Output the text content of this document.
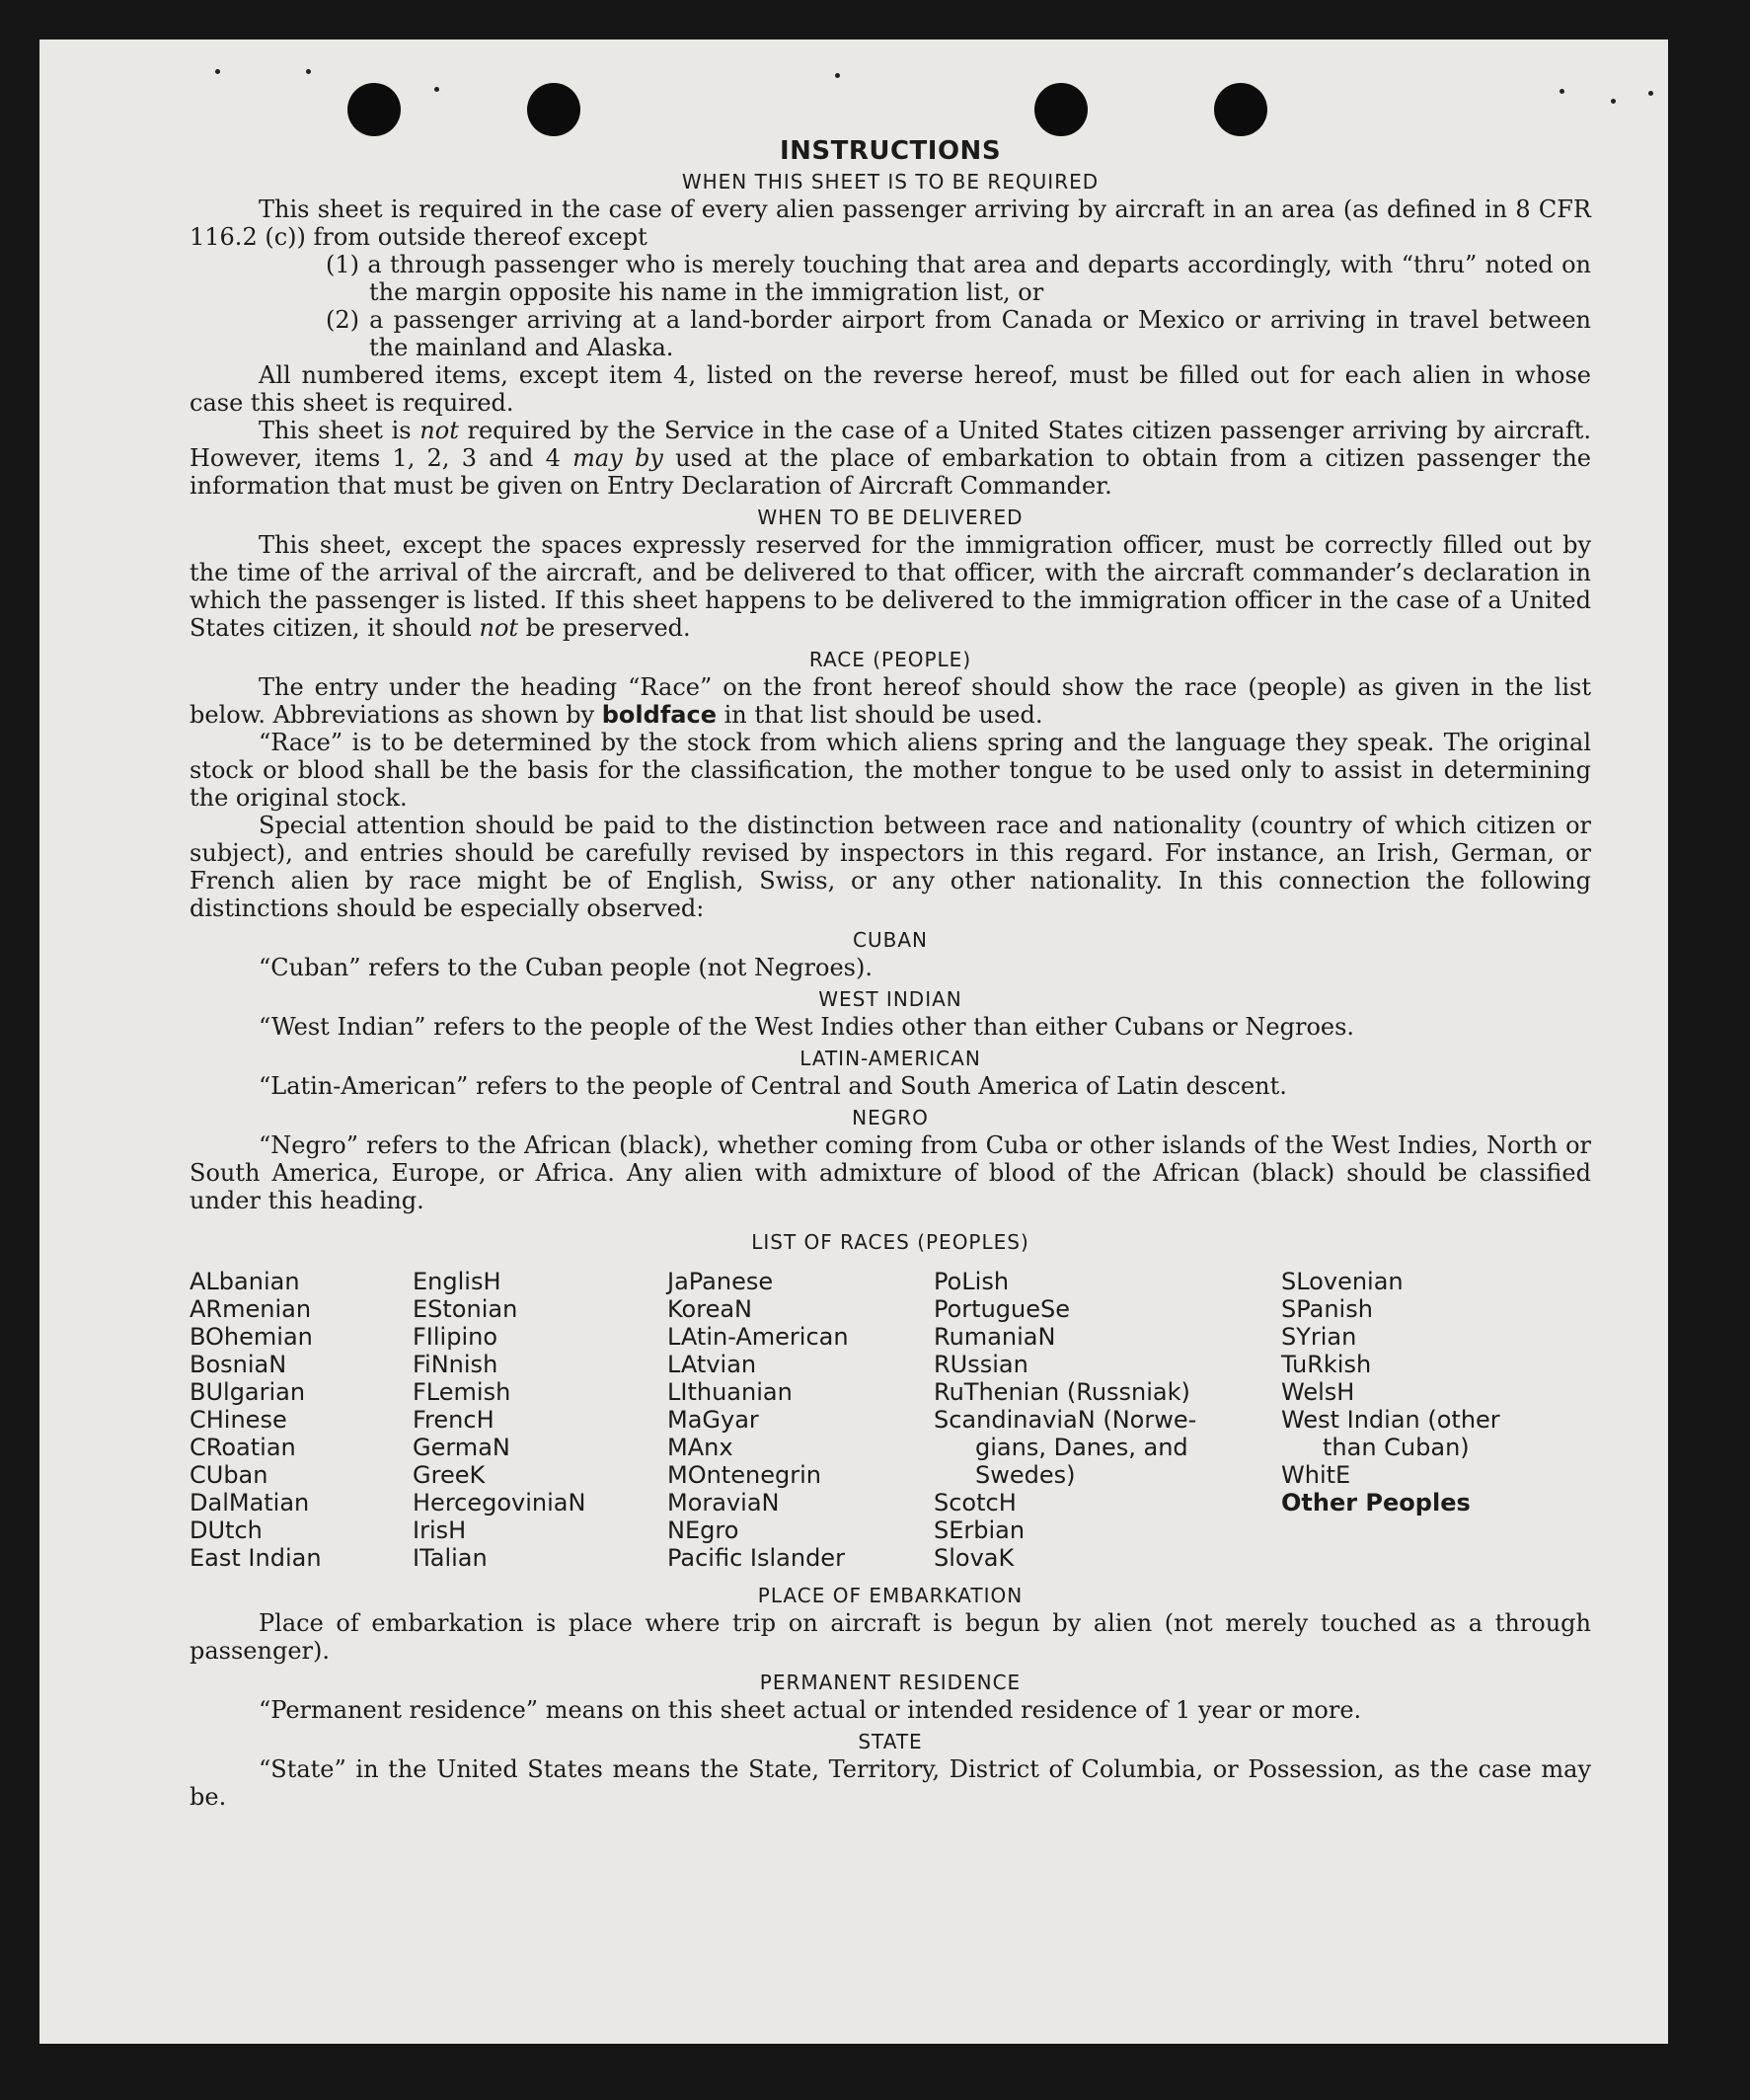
INSTRUCTIONS
WHEN THIS SHEET IS TO BE REQUIRED

This sheet is required in the case of every alien passenger arriving by aircraft in an area (as defined in 8 CFR 116.2 (c)) from outside thereof except

(1) a through passenger who is merely touching that area and departs accordingly, with “thru” noted on the margin opposite his name in the immigration list, or
(2) a passenger arriving at a land-border airport from Canada or Mexico or arriving in travel between the mainland and Alaska.

All numbered items, except item 4, listed on the reverse hereof, must be filled out for each alien in whose case this sheet is required.

This sheet is not required by the Service in the case of a United States citizen passenger arriving by aircraft. However, items 1, 2, 3 and 4 may by used at the place of embarkation to obtain from a citizen passenger the information that must be given on Entry Declaration of Aircraft Commander.

WHEN TO BE DELIVERED

This sheet, except the spaces expressly reserved for the immigration officer, must be correctly filled out by the time of the arrival of the aircraft, and be delivered to that officer, with the aircraft commander’s declaration in which the passenger is listed. If this sheet happens to be delivered to the immigration officer in the case of a United States citizen, it should not be preserved.

RACE (PEOPLE)

The entry under the heading “Race” on the front hereof should show the race (people) as given in the list below. Abbreviations as shown by boldface in that list should be used.

“Race” is to be determined by the stock from which aliens spring and the language they speak. The original stock or blood shall be the basis for the classification, the mother tongue to be used only to assist in determining the original stock.

Special attention should be paid to the distinction between race and nationality (country of which citizen or subject), and entries should be carefully revised by inspectors in this regard. For instance, an Irish, German, or French alien by race might be of English, Swiss, or any other nationality. In this connection the following distinctions should be especially observed:

CUBAN

“Cuban” refers to the Cuban people (not Negroes).

WEST INDIAN

“West Indian” refers to the people of the West Indies other than either Cubans or Negroes.

LATIN-AMERICAN

“Latin-American” refers to the people of Central and South America of Latin descent.

NEGRO

“Negro” refers to the African (black), whether coming from Cuba or other islands of the West Indies, North or South America, Europe, or Africa. Any alien with admixture of blood of the African (black) should be classified under this heading.

LIST OF RACES (PEOPLES)
ALbanian
ARmenian
BOhemian
BosniaN
BUlgarian
CHinese
CRoatian
CUban
DalMatian
DUtch
East Indian
EnglisH
EStonian
FIlipino
FiNnish
FLemish
FrencH
GermaN
GreeK
HercegoviniaN
IrisH
ITalian
JaPanese
KoreaN
LAtin-American
LAtvian
LIthuanian
MaGyar
MAnx
MOntenegrin
MoraviaN
NEgro
Pacific Islander
PoLish
PortugueSe
RumaniaN
RUssian
RuThenian (Russniak)
ScandinaviaN (Norwe-
gians, Danes, and
Swedes)
ScotcH
SErbian
SlovaK
SLovenian
SPanish
SYrian
TuRkish
WelsH
West Indian (other
than Cuban)
WhitE
Other Peoples
PLACE OF EMBARKATION

Place of embarkation is place where trip on aircraft is begun by alien (not merely touched as a through passenger).

PERMANENT RESIDENCE

“Permanent residence” means on this sheet actual or intended residence of 1 year or more.

STATE

“State” in the United States means the State, Territory, District of Columbia, or Possession, as the case may be.
